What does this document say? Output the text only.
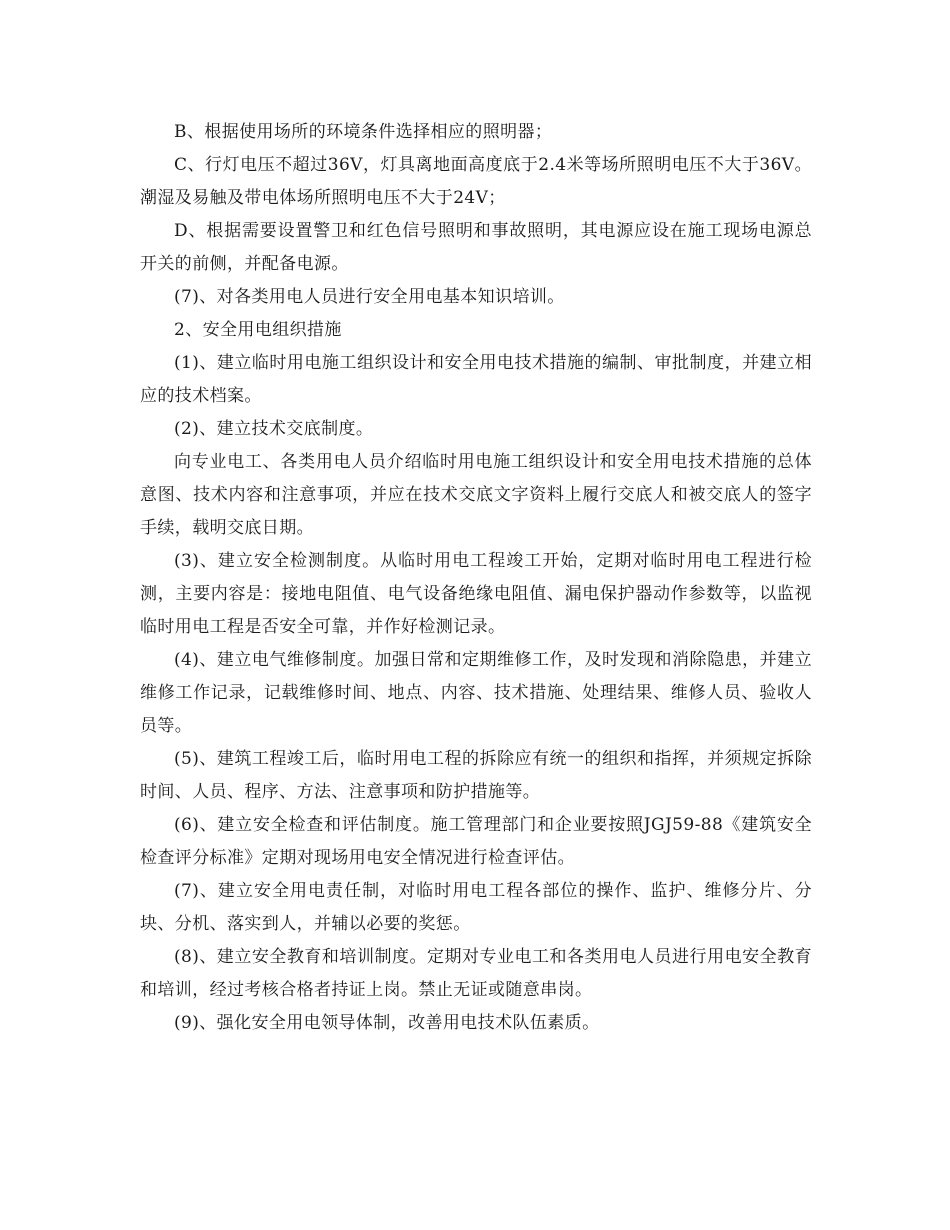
B、根据使用场所的环境条件选择相应的照明器；

C、行灯电压不超过36V，灯具离地面高度底于2.4米等场所照明电压不大于36V。潮湿及易触及带电体场所照明电压不大于24V；

D、根据需要设置警卫和红色信号照明和事故照明，其电源应设在施工现场电源总开关的前侧，并配备电源。

(7)、对各类用电人员进行安全用电基本知识培训。

2、安全用电组织措施

(1)、建立临时用电施工组织设计和安全用电技术措施的编制、审批制度，并建立相应的技术档案。

(2)、建立技术交底制度。

向专业电工、各类用电人员介绍临时用电施工组织设计和安全用电技术措施的总体意图、技术内容和注意事项，并应在技术交底文字资料上履行交底人和被交底人的签字手续，载明交底日期。

(3)、建立安全检测制度。从临时用电工程竣工开始，定期对临时用电工程进行检测，主要内容是：接地电阻值、电气设备绝缘电阻值、漏电保护器动作参数等，以监视临时用电工程是否安全可靠，并作好检测记录。

(4)、建立电气维修制度。加强日常和定期维修工作，及时发现和消除隐患，并建立维修工作记录，记载维修时间、地点、内容、技术措施、处理结果、维修人员、验收人员等。

(5)、建筑工程竣工后，临时用电工程的拆除应有统一的组织和指挥，并须规定拆除时间、人员、程序、方法、注意事项和防护措施等。

(6)、建立安全检查和评估制度。施工管理部门和企业要按照JGJ59-88《建筑安全检查评分标准》定期对现场用电安全情况进行检查评估。

(7)、建立安全用电责任制，对临时用电工程各部位的操作、监护、维修分片、分块、分机、落实到人，并辅以必要的奖惩。

(8)、建立安全教育和培训制度。定期对专业电工和各类用电人员进行用电安全教育和培训，经过考核合格者持证上岗。禁止无证或随意串岗。

(9)、强化安全用电领导体制，改善用电技术队伍素质。
